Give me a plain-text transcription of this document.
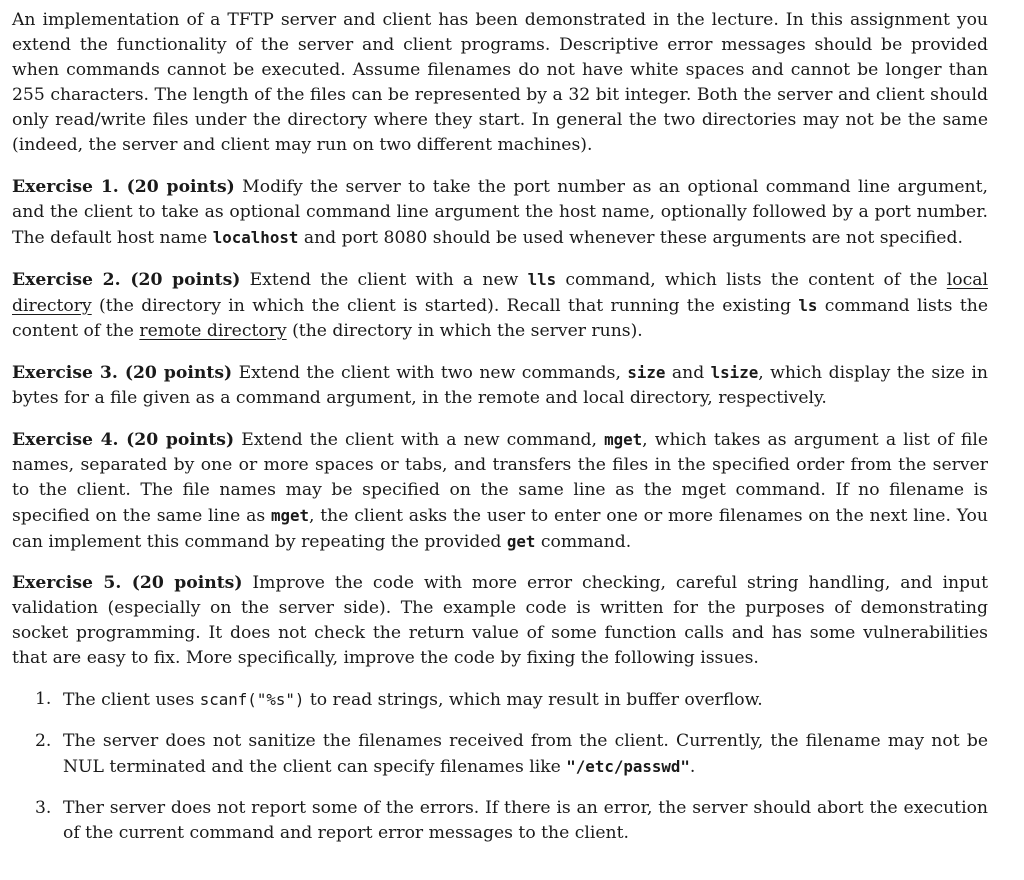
An implementation of a TFTP server and client has been demonstrated in the lecture. In this assignment you extend the functionality of the server and client programs. Descriptive error messages should be provided when commands cannot be executed. Assume filenames do not have white spaces and cannot be longer than 255 characters. The length of the files can be represented by a 32 bit integer. Both the server and client should only read/write files under the directory where they start. In general the two directories may not be the same (indeed, the server and client may run on two different machines).

Exercise 1. (20 points) Modify the server to take the port number as an optional command line argument, and the client to take as optional command line argument the host name, optionally followed by a port number. The default host name localhost and port 8080 should be used whenever these arguments are not specified.

Exercise 2. (20 points) Extend the client with a new lls command, which lists the content of the local directory (the directory in which the client is started). Recall that running the existing ls command lists the content of the remote directory (the directory in which the server runs).

Exercise 3. (20 points) Extend the client with two new commands, size and lsize, which display the size in bytes for a file given as a command argument, in the remote and local directory, respectively.

Exercise 4. (20 points) Extend the client with a new command, mget, which takes as argument a list of file names, separated by one or more spaces or tabs, and transfers the files in the specified order from the server to the client. The file names may be specified on the same line as the mget command. If no filename is specified on the same line as mget, the client asks the user to enter one or more filenames on the next line. You can implement this command by repeating the provided get command.

Exercise 5. (20 points) Improve the code with more error checking, careful string handling, and input validation (especially on the server side). The example code is written for the purposes of demonstrating socket programming. It does not check the return value of some function calls and has some vulnerabilities that are easy to fix. More specifically, improve the code by fixing the following issues.

1. The client uses scanf("%s") to read strings, which may result in buffer overflow.
2. The server does not sanitize the filenames received from the client. Currently, the filename may not be NUL terminated and the client can specify filenames like "/etc/passwd".
3. Ther server does not report some of the errors. If there is an error, the server should abort the execution of the current command and report error messages to the client.
